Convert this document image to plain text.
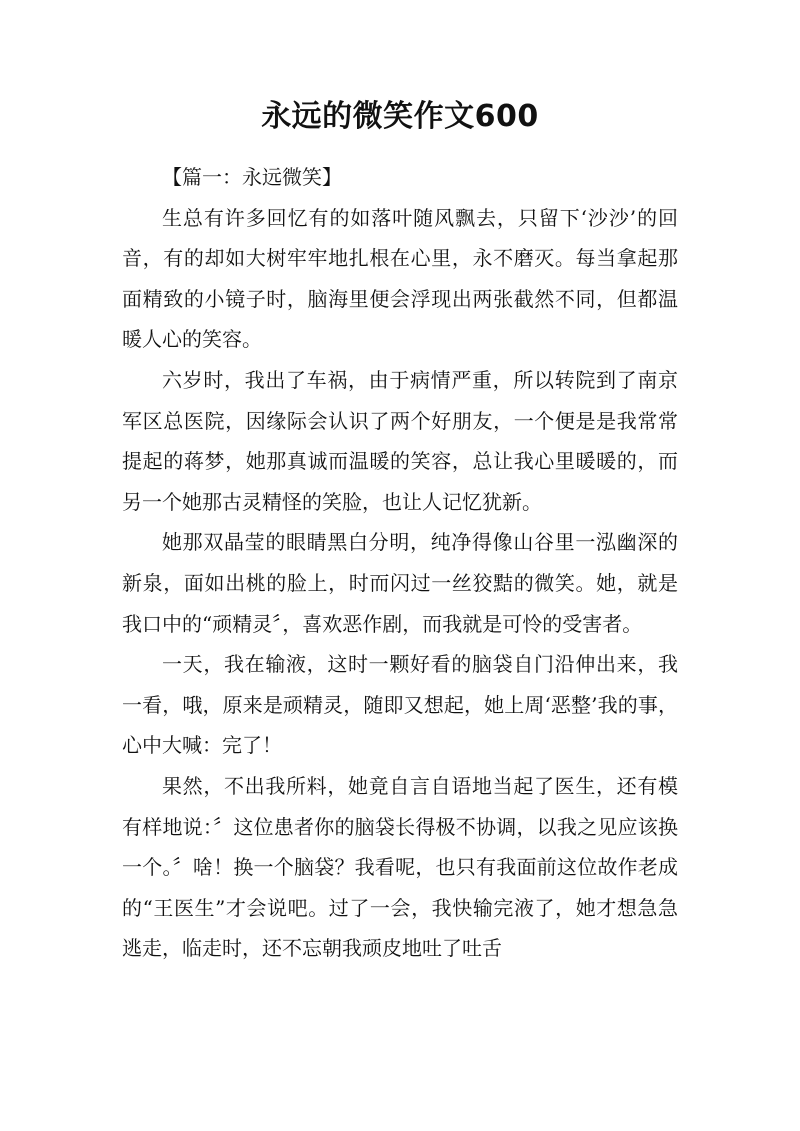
永远的微笑作文600

【篇一：永远微笑】

生总有许多回忆有的如落叶随风飘去，只留下‘沙沙’的回音，有的却如大树牢牢地扎根在心里，永不磨灭。每当拿起那面精致的小镜子时，脑海里便会浮现出两张截然不同，但都温暖人心的笑容。

六岁时，我出了车祸，由于病情严重，所以转院到了南京军区总医院，因缘际会认识了两个好朋友，一个便是是我常常提起的蒋梦，她那真诚而温暖的笑容，总让我心里暖暖的，而另一个她那古灵精怪的笑脸，也让人记忆犹新。

她那双晶莹的眼睛黑白分明，纯净得像山谷里一泓幽深的新泉，面如出桃的脸上，时而闪过一丝狡黠的微笑。她，就是我口中的“顽精灵〞，喜欢恶作剧，而我就是可怜的受害者。

一天，我在输液，这时一颗好看的脑袋自门沿伸出来，我一看，哦，原来是顽精灵，随即又想起，她上周‘恶整’我的事，心中大喊：完了！

果然，不出我所料，她竟自言自语地当起了医生，还有模有样地说：〞这位患者你的脑袋长得极不协调，以我之见应该换一个。〞啥！换一个脑袋？我看呢，也只有我面前这位故作老成的“王医生”才会说吧。过了一会，我快输完液了，她才想急急逃走，临走时，还不忘朝我顽皮地吐了吐舌
